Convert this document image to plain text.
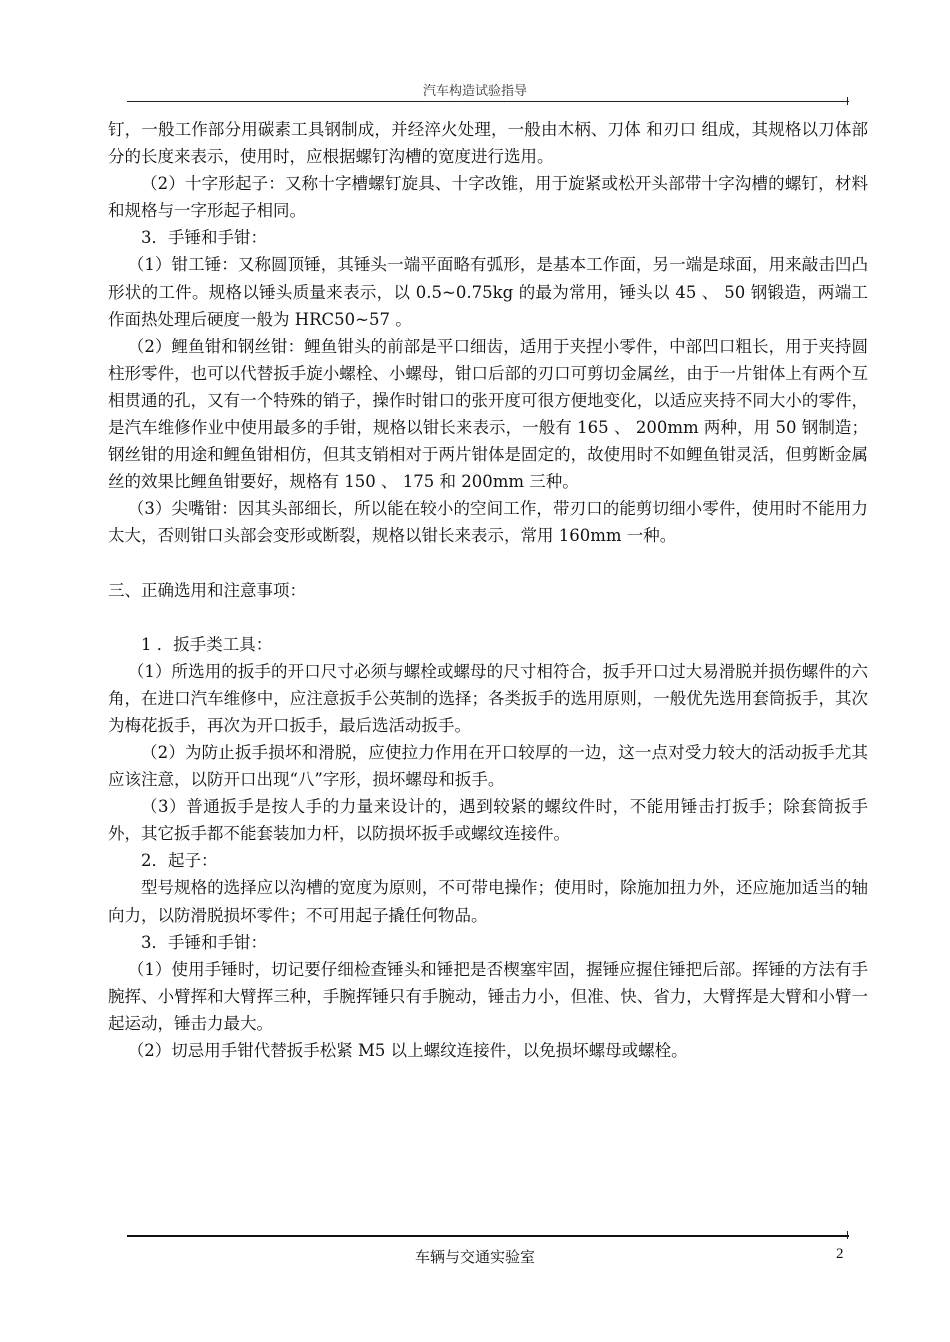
汽车构造试验指导

钉，一般工作部分用碳素工具钢制成，并经淬火处理，一般由木柄、刀体 和刃口 组成，其规格以刀体部分的长度来表示，使用时，应根据螺钉沟槽的宽度进行选用。

（2）十字形起子：又称十字槽螺钉旋具、十字改锥，用于旋紧或松开头部带十字沟槽的螺钉，材料和规格与一字形起子相同。

3．手锤和手钳：

（1）钳工锤：又称圆顶锤，其锤头一端平面略有弧形，是基本工作面，另一端是球面，用来敲击凹凸形状的工件。规格以锤头质量来表示，以 0.5~0.75kg 的最为常用，锤头以 45 、 50 钢锻造，两端工作面热处理后硬度一般为 HRC50~57 。

（2）鲤鱼钳和钢丝钳：鲤鱼钳头的前部是平口细齿，适用于夹捏小零件，中部凹口粗长，用于夹持圆柱形零件，也可以代替扳手旋小螺栓、小螺母，钳口后部的刃口可剪切金属丝，由于一片钳体上有两个互相贯通的孔，又有一个特殊的销子，操作时钳口的张开度可很方便地变化，以适应夹持不同大小的零件，是汽车维修作业中使用最多的手钳，规格以钳长来表示，一般有 165 、 200mm 两种，用 50 钢制造；钢丝钳的用途和鲤鱼钳相仿，但其支销相对于两片钳体是固定的，故使用时不如鲤鱼钳灵活，但剪断金属丝的效果比鲤鱼钳要好，规格有 150 、 175 和 200mm 三种。

（3）尖嘴钳：因其头部细长，所以能在较小的空间工作，带刃口的能剪切细小零件，使用时不能用力太大，否则钳口头部会变形或断裂，规格以钳长来表示，常用 160mm 一种。

三、正确选用和注意事项：

1 ．扳手类工具：

（1）所选用的扳手的开口尺寸必须与螺栓或螺母的尺寸相符合，扳手开口过大易滑脱并损伤螺件的六角，在进口汽车维修中，应注意扳手公英制的选择；各类扳手的选用原则，一般优先选用套筒扳手，其次为梅花扳手，再次为开口扳手，最后选活动扳手。

（2）为防止扳手损坏和滑脱，应使拉力作用在开口较厚的一边，这一点对受力较大的活动扳手尤其应该注意，以防开口出现“八”字形，损坏螺母和扳手。

（3）普通扳手是按人手的力量来设计的，遇到较紧的螺纹件时，不能用锤击打扳手；除套筒扳手外，其它扳手都不能套装加力杆，以防损坏扳手或螺纹连接件。

2．起子：

型号规格的选择应以沟槽的宽度为原则，不可带电操作；使用时，除施加扭力外，还应施加适当的轴向力，以防滑脱损坏零件；不可用起子撬任何物品。

3．手锤和手钳：

（1）使用手锤时，切记要仔细检查锤头和锤把是否楔塞牢固，握锤应握住锤把后部。挥锤的方法有手腕挥、小臂挥和大臂挥三种，手腕挥锤只有手腕动，锤击力小，但准、快、省力，大臂挥是大臂和小臂一起运动，锤击力最大。

（2）切忌用手钳代替扳手松紧 M5 以上螺纹连接件，以免损坏螺母或螺栓。

车辆与交通实验室	2
